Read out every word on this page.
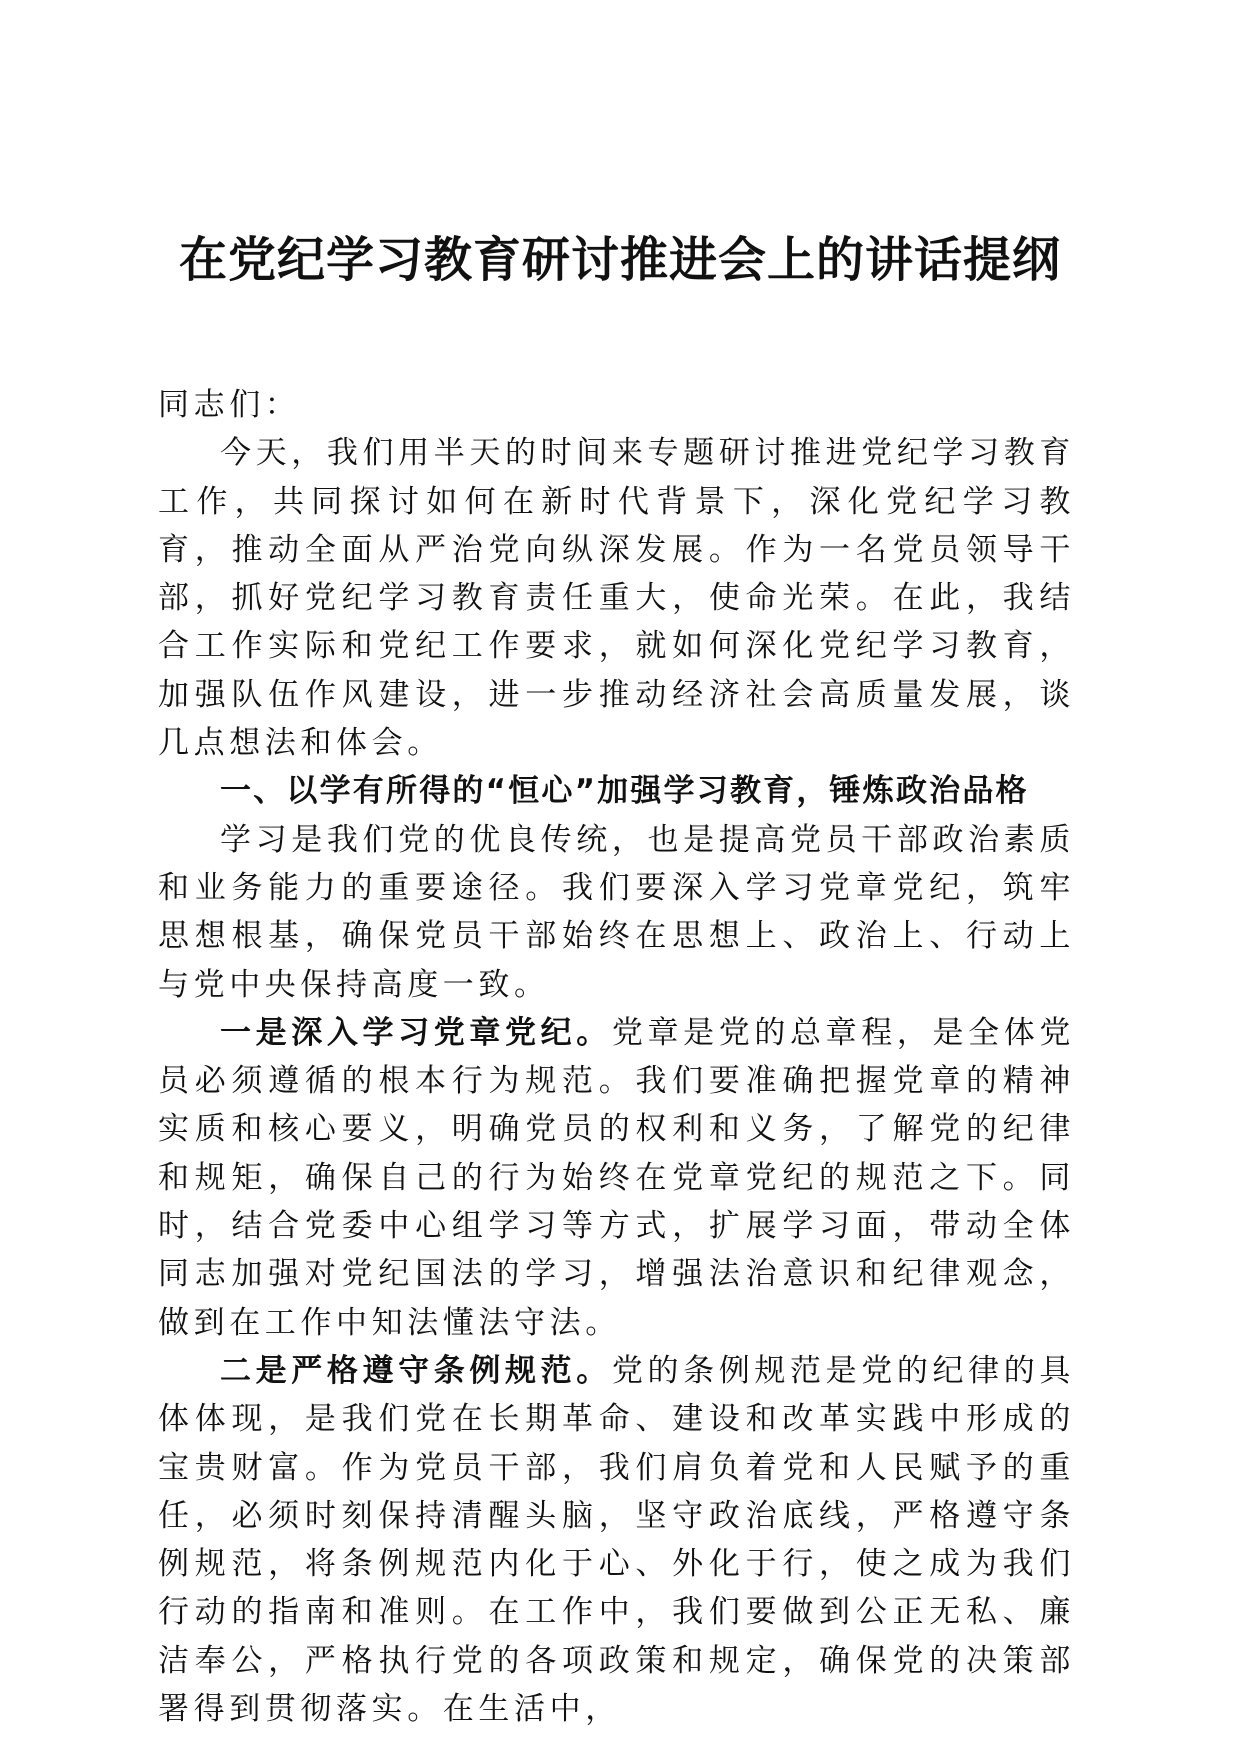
在党纪学习教育研讨推进会上的讲话提纲

同志们：

今天，我们用半天的时间来专题研讨推进党纪学习教育工作，共同探讨如何在新时代背景下，深化党纪学习教育，推动全面从严治党向纵深发展。作为一名党员领导干部，抓好党纪学习教育责任重大，使命光荣。在此，我结合工作实际和党纪工作要求，就如何深化党纪学习教育，加强队伍作风建设，进一步推动经济社会高质量发展，谈几点想法和体会。

一、以学有所得的“恒心”加强学习教育，锤炼政治品格

学习是我们党的优良传统，也是提高党员干部政治素质和业务能力的重要途径。我们要深入学习党章党纪，筑牢思想根基，确保党员干部始终在思想上、政治上、行动上与党中央保持高度一致。

一是深入学习党章党纪。党章是党的总章程，是全体党员必须遵循的根本行为规范。我们要准确把握党章的精神实质和核心要义，明确党员的权利和义务，了解党的纪律和规矩，确保自己的行为始终在党章党纪的规范之下。同时，结合党委中心组学习等方式，扩展学习面，带动全体同志加强对党纪国法的学习，增强法治意识和纪律观念，做到在工作中知法懂法守法。

二是严格遵守条例规范。党的条例规范是党的纪律的具体体现，是我们党在长期革命、建设和改革实践中形成的宝贵财富。作为党员干部，我们肩负着党和人民赋予的重任，必须时刻保持清醒头脑，坚守政治底线，严格遵守条例规范，将条例规范内化于心、外化于行，使之成为我们行动的指南和准则。在工作中，我们要做到公正无私、廉洁奉公，严格执行党的各项政策和规定，确保党的决策部署得到贯彻落实。在生活中，
